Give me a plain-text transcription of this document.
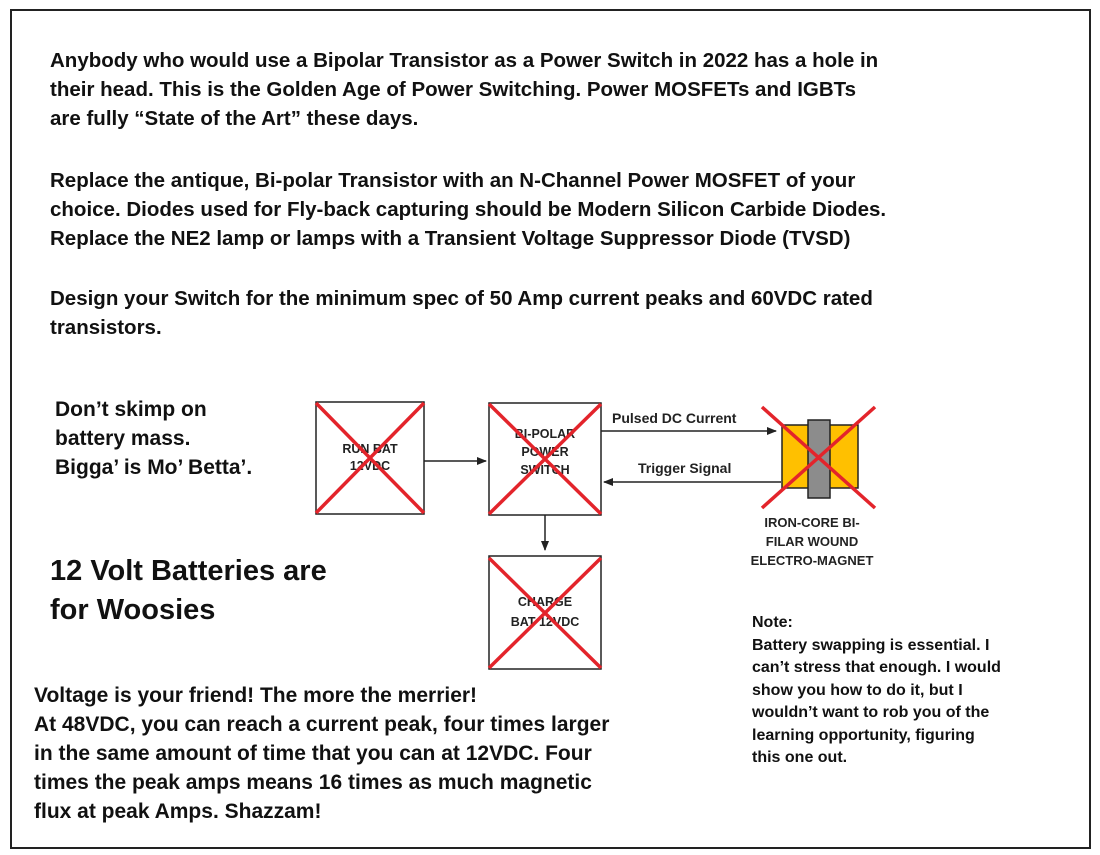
Anybody who would use a Bipolar Transistor as a Power Switch in 2022 has a hole in
their head. This is the Golden Age of Power Switching. Power MOSFETs and IGBTs
are fully “State of the Art” these days.
Replace the antique, Bi-polar Transistor with an N-Channel Power MOSFET of your
choice. Diodes used for Fly-back capturing should be Modern Silicon Carbide Diodes.
Replace the NE2 lamp or lamps with a Transient Voltage Suppressor Diode (TVSD)
Design your Switch for the minimum spec of 50 Amp current peaks and 60VDC rated
transistors.
Don’t skimp on
battery mass.
Bigga’ is Mo’ Betta’.
12 Volt Batteries are
for Woosies
Voltage is your friend! The more the merrier!
At 48VDC, you can reach a current peak, four times larger
in the same amount of time that you can at 12VDC. Four
times the peak amps means 16 times as much magnetic
flux at peak Amps. Shazzam!
Note:
Battery swapping is essential. I
can’t stress that enough. I would
show you how to do it, but I
wouldn’t want to rob you of the
learning opportunity, figuring
this one out.
RUN BAT
12VDC
BI-POLAR
POWER
SWITCH
CHARGE
BAT 12VDC
Pulsed DC Current
Trigger Signal
IRON-CORE BI-
FILAR WOUND
ELECTRO-MAGNET
